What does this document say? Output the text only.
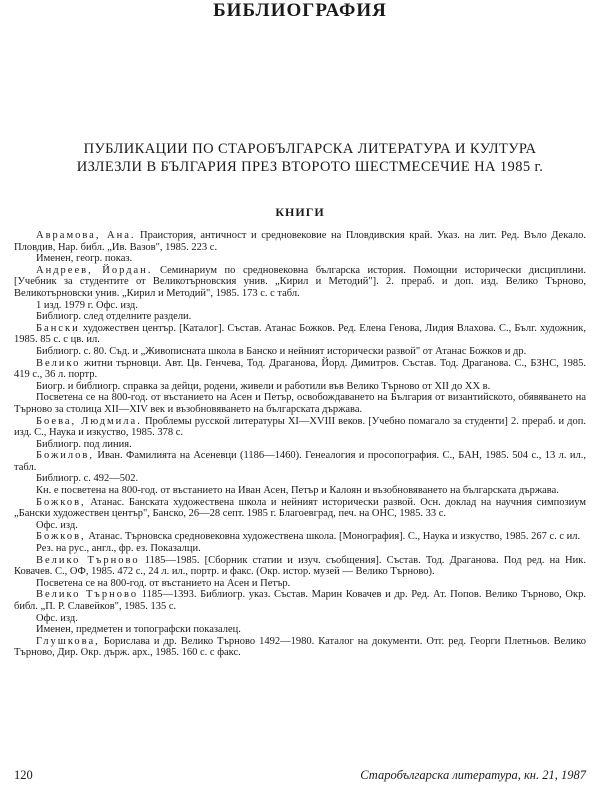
БИБЛИОГРАФИЯ
ПУБЛИКАЦИИ ПО СТАРОБЪЛГАРСКА ЛИТЕРАТУРА И КУЛТУРА
ИЗЛЕЗЛИ В БЪЛГАРИЯ ПРЕЗ ВТОРОТО ШЕСТМЕСЕЧИЕ НА 1985 г.
КНИГИ

Аврамова, Ана. Праистория, античност и средновековие на Пловдивския край. Указ. на лит. Ред. Въло Декало. Пловдив, Нар. библ. „Ив. Вазов", 1985. 223 с.

Именен, геогр. показ.

Андреев, Йордан. Семинариум по средновековна българска история. Помощни исторически дисциплини. [Учебник за студентите от Великотърновския унив. „Кирил и Методий"]. 2. прераб. и доп. изд. Велико Търново, Великотърновски унив. „Кирил и Методий", 1985. 173 с. с табл.

1 изд. 1979 г. Офс. изд.

Библиогр. след отделните раздели.

Бански художествен център. [Каталог]. Състав. Атанас Божков. Ред. Елена Генова, Лидия Влахова. С., Бълг. художник, 1985. 85 с. с цв. ил.

Библиогр. с. 80. Съд. и „Живописната школа в Банско и нейният исторически развой" от Атанас Божков и др.

Велико житни търновци. Авт. Цв. Генчева, Тод. Драганова, Йорд. Димитров. Състав. Тод. Драганова. С., БЗНС, 1985. 419 с., 36 л. портр.

Биогр. и библиогр. справка за дейци, родени, живели и работили във Велико Търново от XII до XX в.

Посветена се на 800-год. от въстанието на Асен и Петър, освобождаването на България от византийското, обявяването на Търново за столица XII—XIV век и възобновяването на българската държава.

Боева, Людмила. Проблемы русской литературы XI—XVIII веков. [Учебно помагало за студенти] 2. прераб. и доп. изд. С., Наука и изкуство, 1985. 378 с.

Библиогр. под линия.

Божилов, Иван. Фамилията на Асеневци (1186—1460). Генеалогия и просопография. С., БАН, 1985. 504 с., 13 л. ил., табл.

Библиогр. с. 492—502.

Кн. е посветена на 800-год. от въстанието на Иван Асен, Петър и Калоян и възобновяването на българската държава.

Божков, Атанас. Банската художествена школа и нейният исторически развой. Осн. доклад на научния симпозиум „Бански художествен център", Банско, 26—28 септ. 1985 г. Благоевград, печ. на ОНС, 1985. 33 с.

Офс. изд.

Божков, Атанас. Търновска средновековна художествена школа. [Монография]. С., Наука и изкуство, 1985. 267 с. с ил.

Рез. на рус., англ., фр. ез. Показалци.

Велико Търново 1185—1985. [Сборник статии и изуч. съобщения]. Състав. Тод. Драганова. Под ред. на Ник. Ковачев. С., ОФ, 1985. 472 с., 24 л. ил., портр. и факс. (Окр. истор. музей — Велико Търново).

Посветена се на 800-год. от въстанието на Асен и Петър.

Велико Търново 1185—1393. Библиогр. указ. Състав. Марин Ковачев и др. Ред. Ат. Попов. Велико Търново, Окр. библ. „П. Р. Славейков", 1985. 135 с.

Офс. изд.

Именен, предметен и топографски показалец.

Глушкова, Борислава и др. Велико Търново 1492—1980. Каталог на документи. Отг. ред. Георги Плетньов. Велико Търново, Дир. Окр. държ. арх., 1985. 160 с. с факс.

120	Старобългарска литература, кн. 21, 1987
